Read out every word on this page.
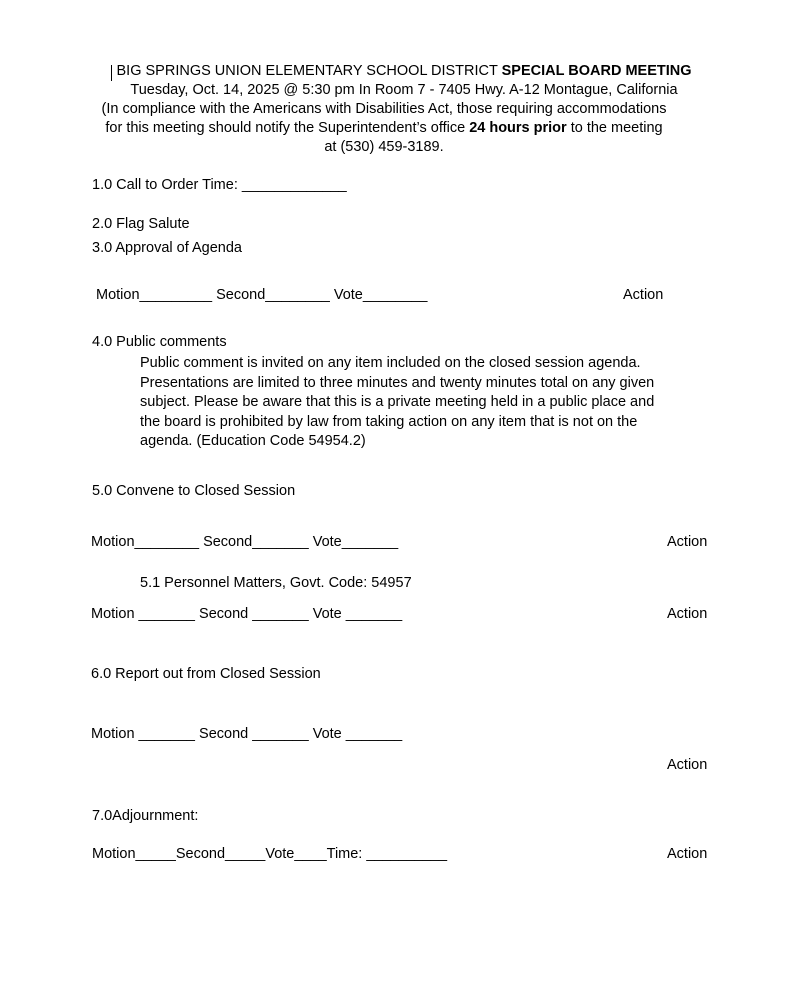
BIG SPRINGS UNION ELEMENTARY SCHOOL DISTRICT SPECIAL BOARD MEETING
Tuesday, Oct. 14, 2025 @ 5:30 pm In Room 7 - 7405 Hwy. A-12 Montague, California
(In compliance with the Americans with Disabilities Act, those requiring accommodations
for this meeting should notify the Superintendent’s office 24 hours prior to the meeting
at (530) 459-3189.
1.0 Call to Order Time: _____________
2.0 Flag Salute
3.0 Approval of Agenda
Motion_________ Second________ Vote________	Action
4.0 Public comments
Public comment is invited on any item included on the closed session agenda. Presentations are limited to three minutes and twenty minutes total on any given subject. Please be aware that this is a private meeting held in a public place and the board is prohibited by law from taking action on any item that is not on the agenda. (Education Code 54954.2)
5.0 Convene to Closed Session
Motion________ Second_______ Vote_______	Action
5.1 Personnel Matters, Govt. Code: 54957
Motion _______ Second _______ Vote _______	Action
6.0 Report out from Closed Session
Motion _______ Second _______ Vote _______
Action
7.0Adjournment:
Motion_____Second_____Vote____Time: __________	Action
